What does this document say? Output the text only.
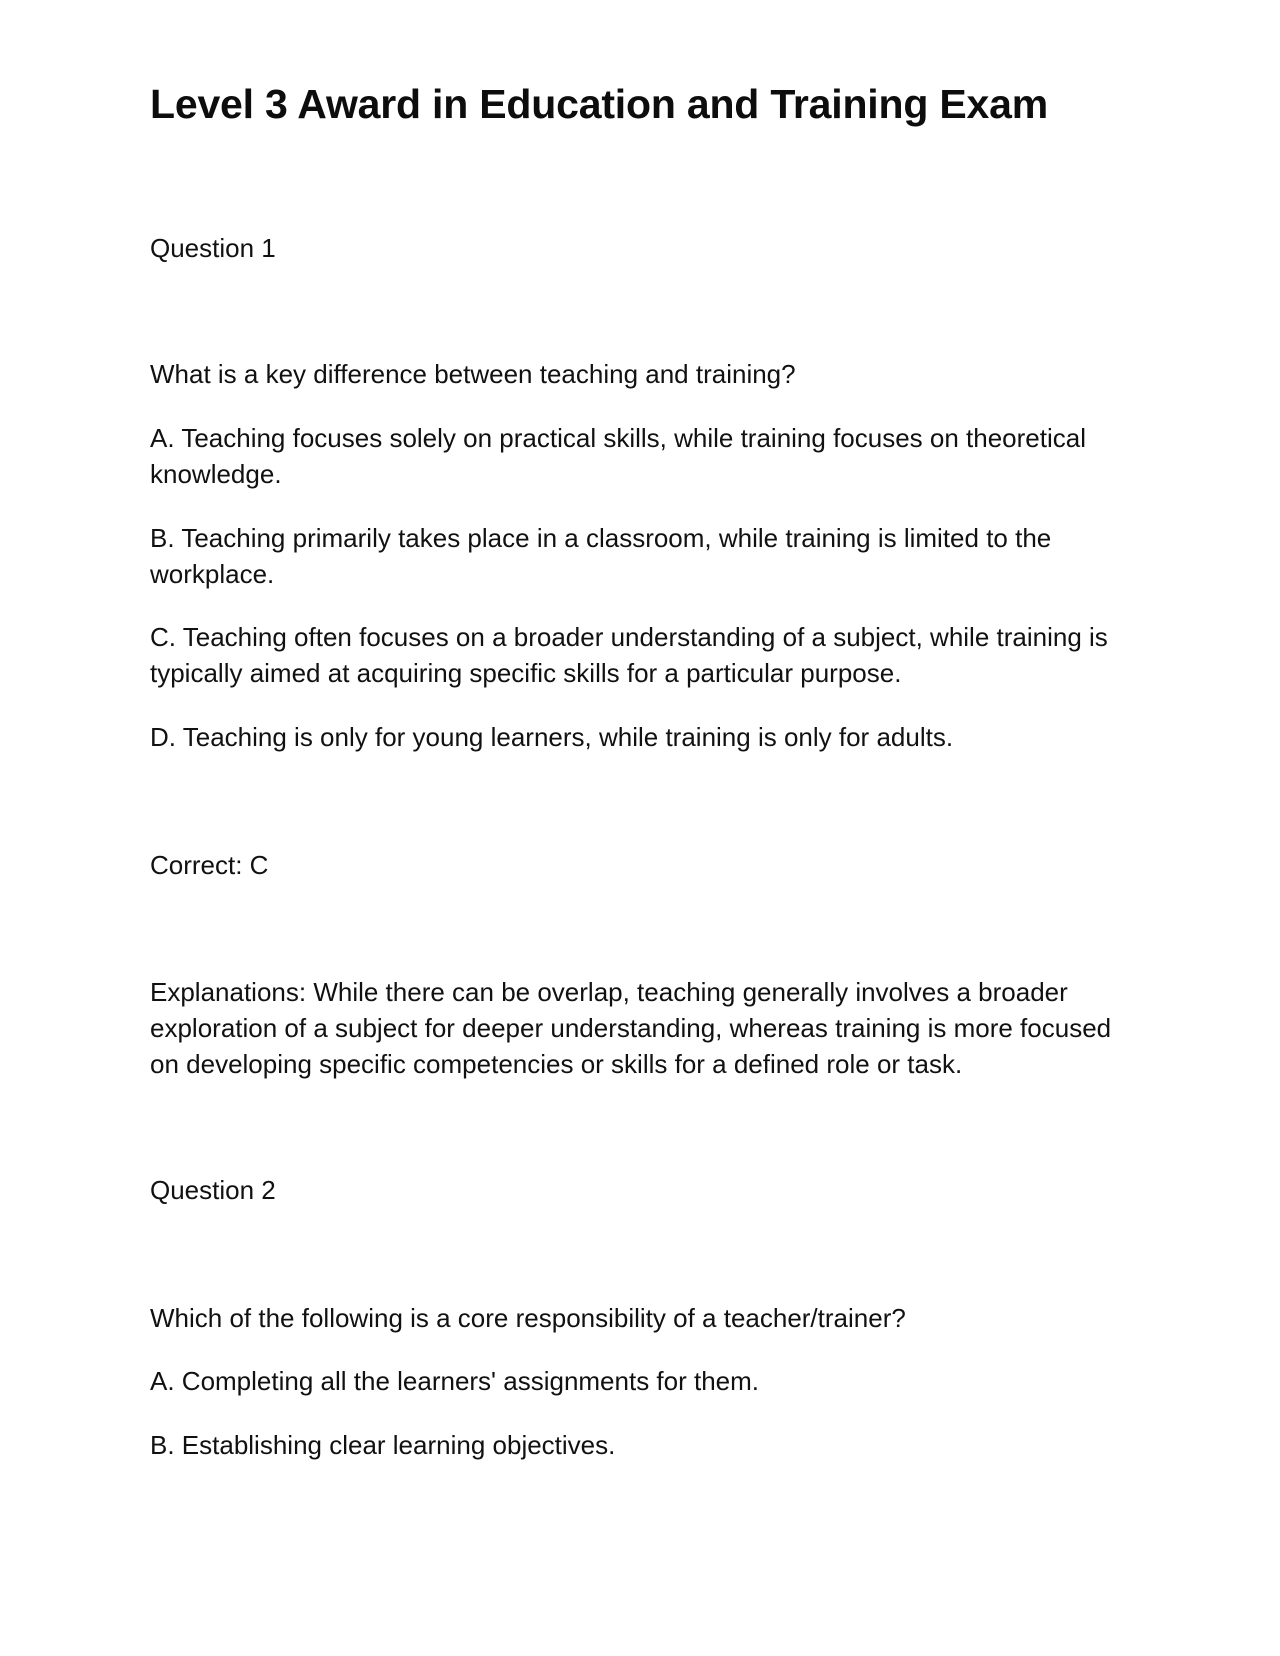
Level 3 Award in Education and Training Exam

Question 1

What is a key difference between teaching and training?

A. Teaching focuses solely on practical skills, while training focuses on theoretical knowledge.

B. Teaching primarily takes place in a classroom, while training is limited to the workplace.

C. Teaching often focuses on a broader understanding of a subject, while training is typically aimed at acquiring specific skills for a particular purpose.

D. Teaching is only for young learners, while training is only for adults.

Correct: C

Explanations: While there can be overlap, teaching generally involves a broader exploration of a subject for deeper understanding, whereas training is more focused on developing specific competencies or skills for a defined role or task.

Question 2

Which of the following is a core responsibility of a teacher/trainer?

A. Completing all the learners' assignments for them.

B. Establishing clear learning objectives.
